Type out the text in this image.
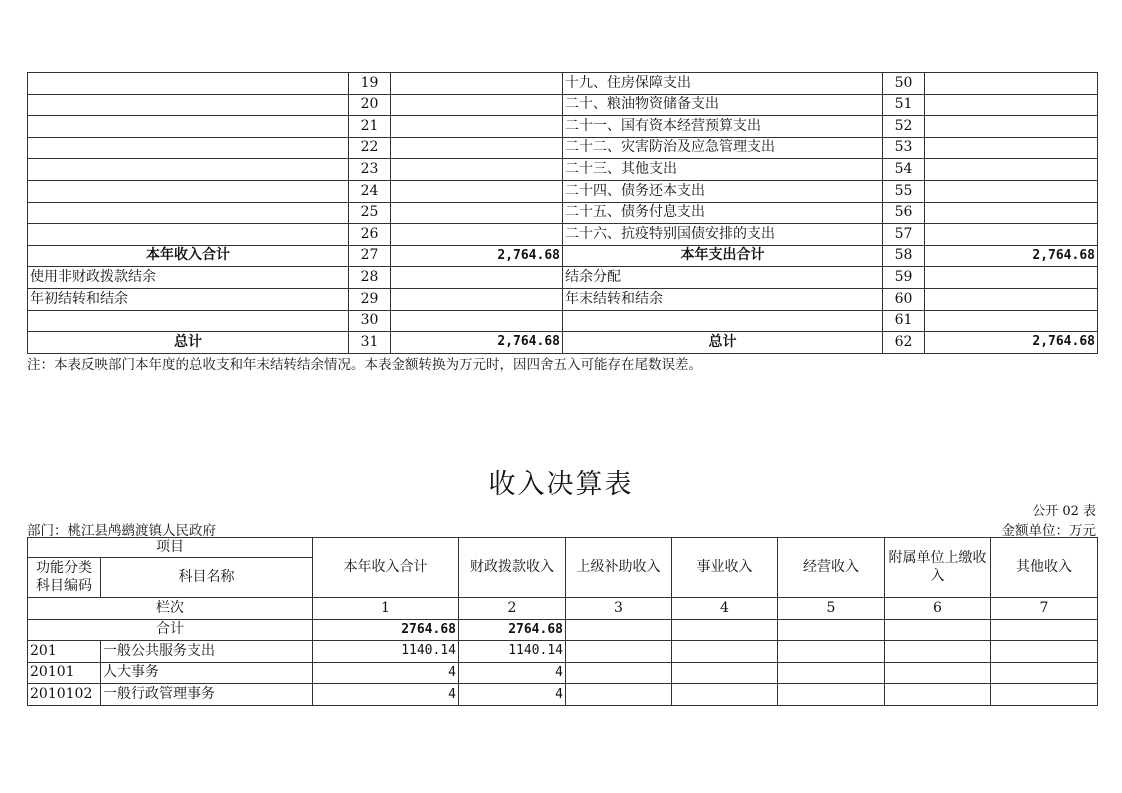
	19		十九、住房保障支出	50	
	20		二十、粮油物资储备支出	51	
	21		二十一、国有资本经营预算支出	52	
	22		二十二、灾害防治及应急管理支出	53	
	23		二十三、其他支出	54	
	24		二十四、债务还本支出	55	
	25		二十五、债务付息支出	56	
	26		二十六、抗疫特别国债安排的支出	57	
本年收入合计	27	2,764.68	本年支出合计	58	2,764.68
使用非财政拨款结余	28		结余分配	59	
年初结转和结余	29		年末结转和结余	60	
	30			61	
总计	31	2,764.68	总计	62	2,764.68
注：本表反映部门本年度的总收支和年末结转结余情况。本表金额转换为万元时，因四舍五入可能存在尾数误差。
收入决算表
公开 02 表
部门：桃江县鸬鹚渡镇人民政府	金额单位：万元
项目		本年收入合计	财政拨款收入	上级补助收入	事业收入	经营收入	附属单位上缴收入	其他收入
功能分类科目编码	科目名称							
栏次		1	2	3	4	5	6	7
合计		2764.68	2764.68					
201	一般公共服务支出	1140.14	1140.14					
20101	人大事务	4	4					
2010102	一般行政管理事务	4	4					
